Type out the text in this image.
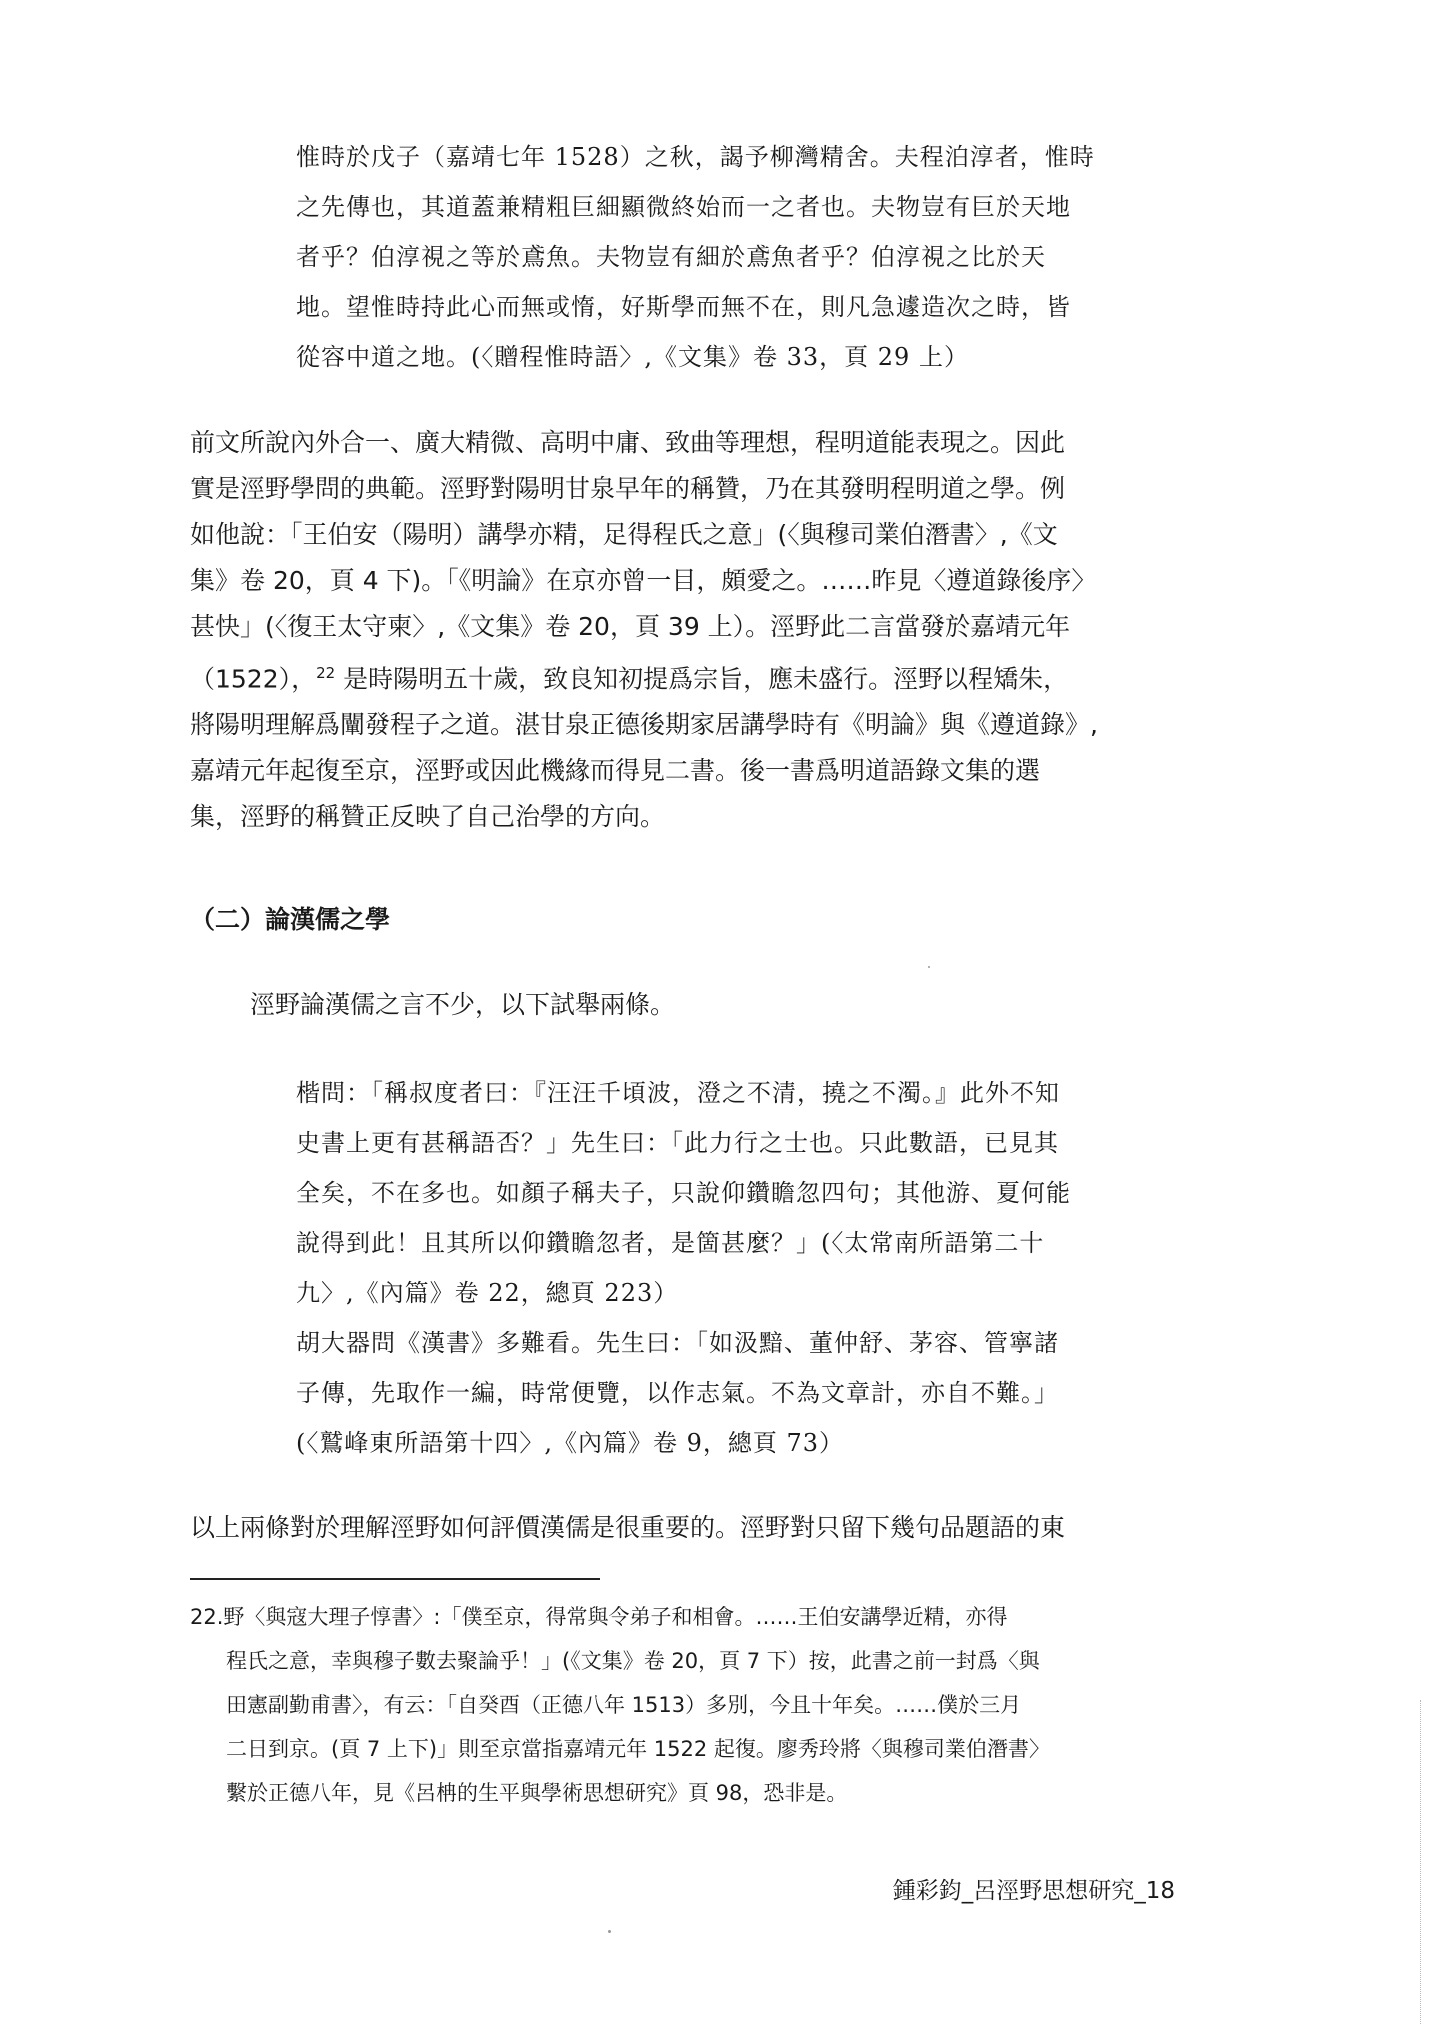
惟時於戊子（嘉靖七年 1528）之秋，謁予柳灣精舍。夫程泊淳者，惟時

之先傳也，其道蓋兼精粗巨細顯微終始而一之者也。夫物豈有巨於天地

者乎？伯淳視之等於鳶魚。夫物豈有細於鳶魚者乎？伯淳視之比於天

地。望惟時持此心而無或惰，好斯學而無不在，則凡急遽造次之時，皆

從容中道之地。(〈贈程惟時語〉,《文集》卷 33，頁 29 上）

前文所說內外合一、廣大精微、高明中庸、致曲等理想，程明道能表現之。因此

實是涇野學問的典範。涇野對陽明甘泉早年的稱贊，乃在其發明程明道之學。例

如他說：「王伯安（陽明）講學亦精，足得程氏之意」(〈與穆司業伯潛書〉,《文

集》卷 20，頁 4 下)。「《明論》在京亦曾一目，頗愛之。……昨見〈遵道錄後序〉

甚快」(〈復王太守柬〉,《文集》卷 20，頁 39 上）。涇野此二言當發於嘉靖元年

（1522），$^{22}$ 是時陽明五十歲，致良知初提爲宗旨，應未盛行。涇野以程矯朱，

將陽明理解爲闡發程子之道。湛甘泉正德後期家居講學時有《明論》與《遵道錄》,

嘉靖元年起復至京，涇野或因此機緣而得見二書。後一書爲明道語錄文集的選

集，涇野的稱贊正反映了自己治學的方向。

（二）論漢儒之學
涇野論漢儒之言不少，以下試舉兩條。

楷問：「稱叔度者曰：『汪汪千頃波，澄之不清，撓之不濁。』此外不知

史書上更有甚稱語否？」先生曰：「此力行之士也。只此數語，已見其

全矣，不在多也。如顏子稱夫子，只說仰鑽瞻忽四句；其他游、夏何能

說得到此！且其所以仰鑽瞻忽者，是箇甚麼？」(〈太常南所語第二十

九〉,《內篇》卷 22，總頁 223）

胡大器問《漢書》多難看。先生曰：「如汲黯、董仲舒、茅容、管寧諸

子傳，先取作一編，時常便覽，以作志氣。不為文章計，亦自不難。」

(〈鷲峰東所語第十四〉,《內篇》卷 9，總頁 73）

以上兩條對於理解涇野如何評價漢儒是很重要的。涇野對只留下幾句品題語的東

22.野〈與寇大理子惇書〉:「僕至京，得常與令弟子和相會。……王伯安講學近精，亦得
程氏之意，幸與穆子數去聚論乎！」(《文集》卷 20，頁 7 下）按，此書之前一封爲〈與
田憲副勤甫書〉，有云：「自癸酉（正德八年 1513）多別，今且十年矣。……僕於三月
二日到京。(頁 7 上下)」則至京當指嘉靖元年 1522 起復。廖秀玲將〈與穆司業伯潛書〉
繫於正德八年，見《呂柟的生平與學術思想研究》頁 98，恐非是。

鍾彩鈞_呂涇野思想研究_18
